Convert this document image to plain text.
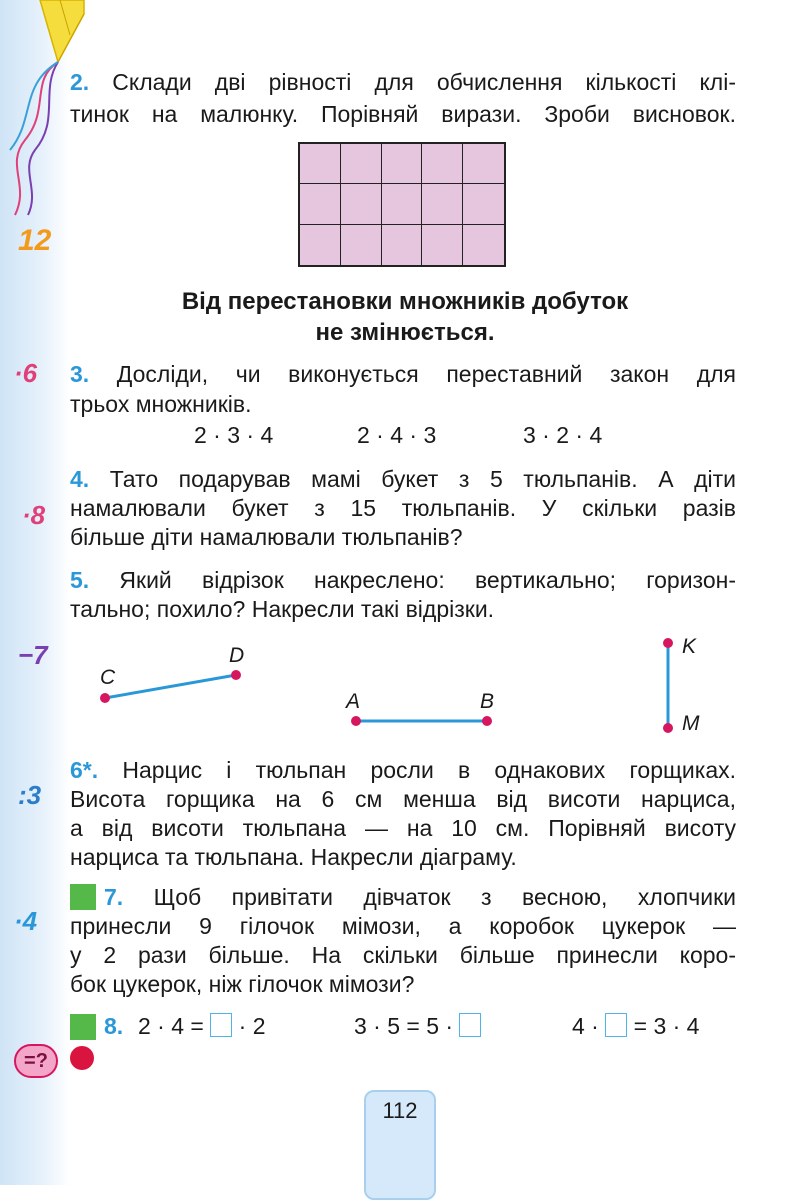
12
·6
·8
−7
:3
·4
=?
2. Склади дві рівності для обчислення кількості клі-
тинок на малюнку. Порівняй вирази. Зроби висновок.
Від перестановки множників добуток
не змінюється.
3. Досліди, чи виконується переставний закон для
трьох множників.
2 · 3 · 4	2 · 4 · 3	3 · 2 · 4
4. Тато подарував мамі букет з 5 тюльпанів. А діти
намалювали букет з 15 тюльпанів. У скільки разів
більше діти намалювали тюльпанів?
5. Який відрізок накреслено: вертикально; горизон-
тально; похило? Накресли такі відрізки.
C
D
A	B
K
M
6*. Нарцис і тюльпан росли в однакових горщиках.
Висота горщика на 6 см менша від висоти нарциса,
а від висоти тюльпана — на 10 см. Порівняй висоту
нарциса та тюльпана. Накресли діаграму.
7. Щоб привітати дівчаток з весною, хлопчики
принесли 9 гілочок мімози, а коробок цукерок —
у 2 рази більше. На скільки більше принесли коро-
бок цукерок, ніж гілочок мімози?
8. 2 · 4 = · 2	3 · 5 = 5 ·	4 · = 3 · 4
112
